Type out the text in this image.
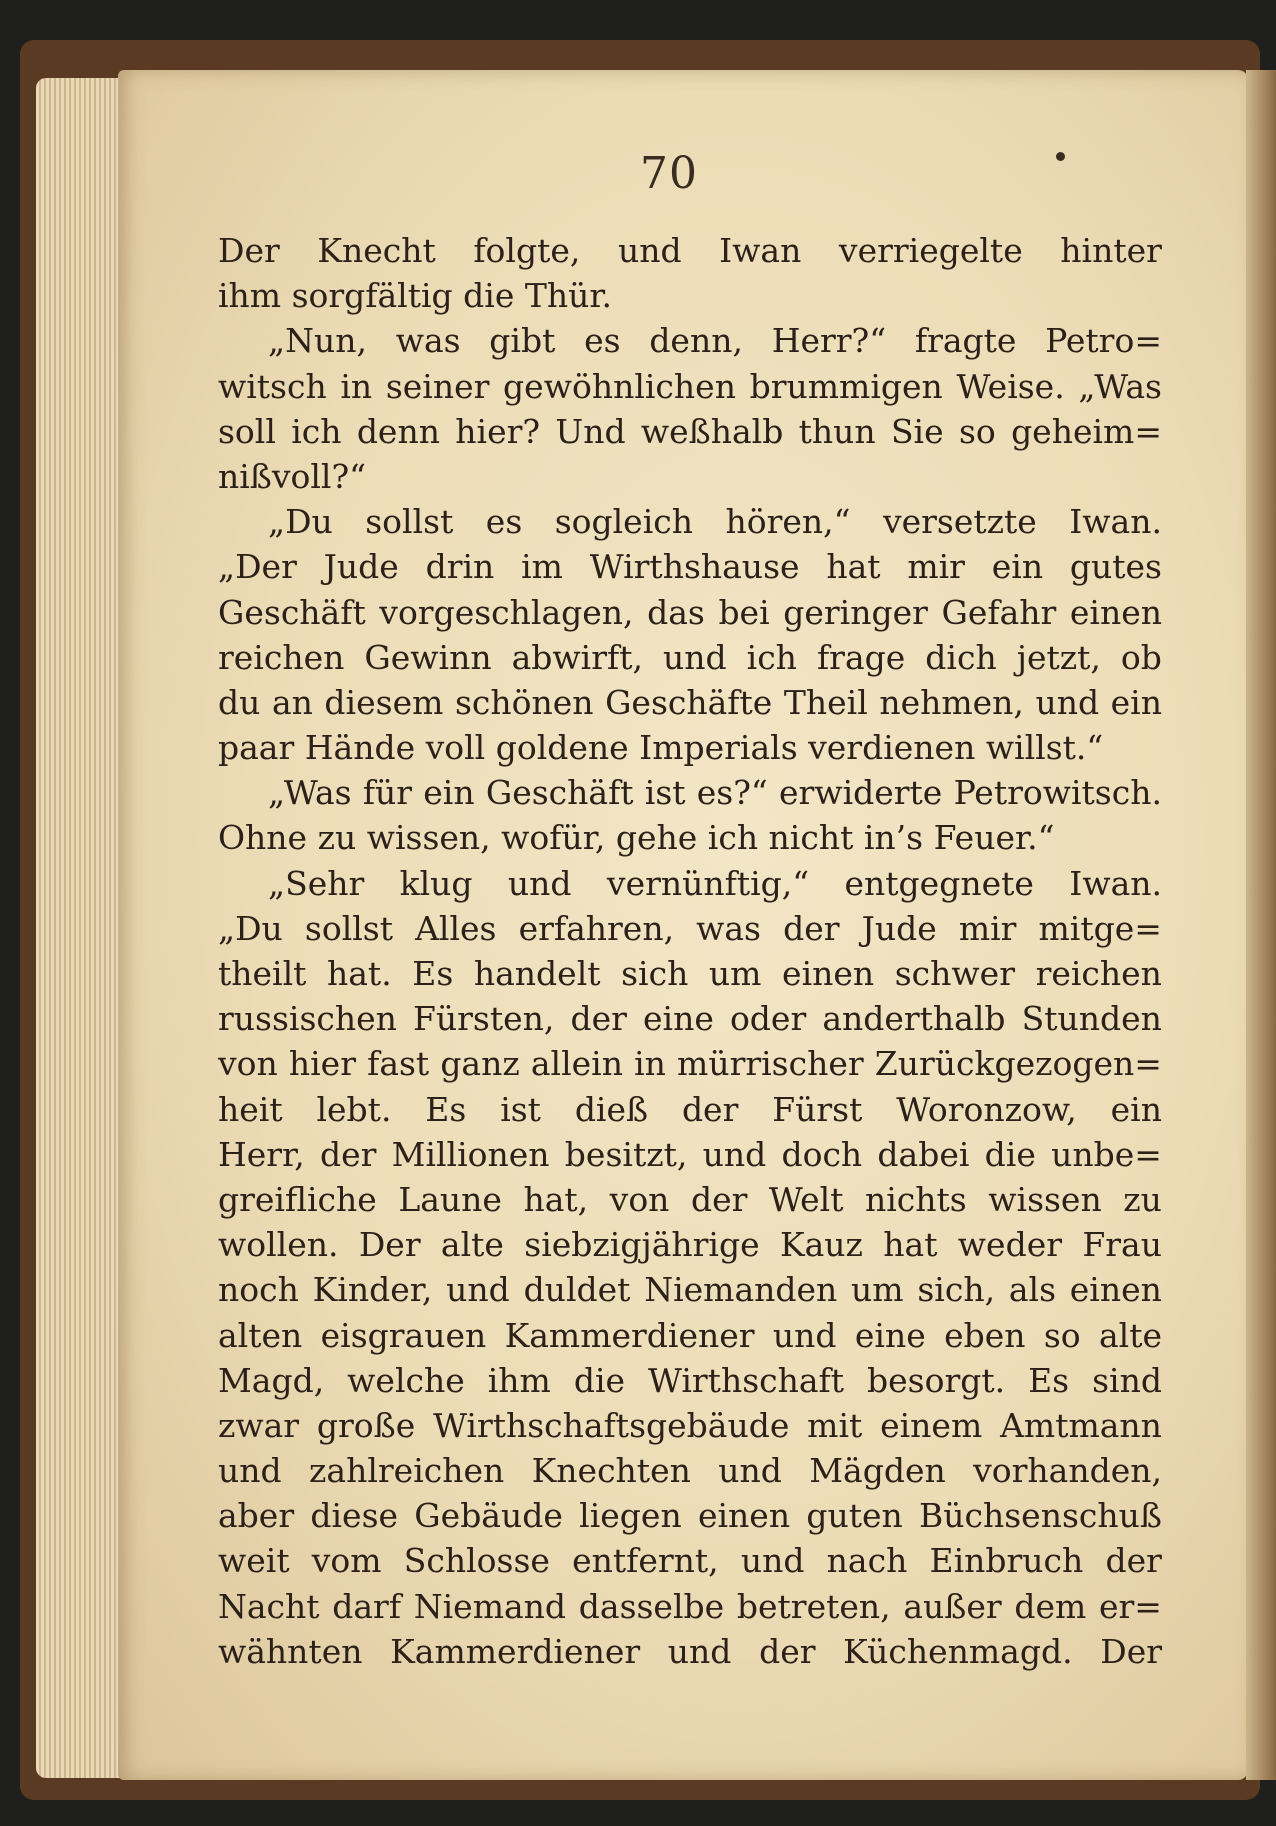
70
Der Knecht folgte, und Iwan verriegelte hinter
ihm sorgfältig die Thür.
„Nun, was gibt es denn, Herr?“ fragte Petro=
witsch in seiner gewöhnlichen brummigen Weise. „Was
soll ich denn hier? Und weßhalb thun Sie so geheim=
nißvoll?“
„Du sollst es sogleich hören,“ versetzte Iwan.
„Der Jude drin im Wirthshause hat mir ein gutes
Geschäft vorgeschlagen, das bei geringer Gefahr einen
reichen Gewinn abwirft, und ich frage dich jetzt, ob
du an diesem schönen Geschäfte Theil nehmen, und ein
paar Hände voll goldene Imperials verdienen willst.“
„Was für ein Geschäft ist es?“ erwiderte Petrowitsch.
Ohne zu wissen, wofür, gehe ich nicht in’s Feuer.“
„Sehr klug und vernünftig,“ entgegnete Iwan.
„Du sollst Alles erfahren, was der Jude mir mitge=
theilt hat. Es handelt sich um einen schwer reichen
russischen Fürsten, der eine oder anderthalb Stunden
von hier fast ganz allein in mürrischer Zurückgezogen=
heit lebt. Es ist dieß der Fürst Woronzow, ein
Herr, der Millionen besitzt, und doch dabei die unbe=
greifliche Laune hat, von der Welt nichts wissen zu
wollen. Der alte siebzigjährige Kauz hat weder Frau
noch Kinder, und duldet Niemanden um sich, als einen
alten eisgrauen Kammerdiener und eine eben so alte
Magd, welche ihm die Wirthschaft besorgt. Es sind
zwar große Wirthschaftsgebäude mit einem Amtmann
und zahlreichen Knechten und Mägden vorhanden,
aber diese Gebäude liegen einen guten Büchsenschuß
weit vom Schlosse entfernt, und nach Einbruch der
Nacht darf Niemand dasselbe betreten, außer dem er=
wähnten Kammerdiener und der Küchenmagd. Der
